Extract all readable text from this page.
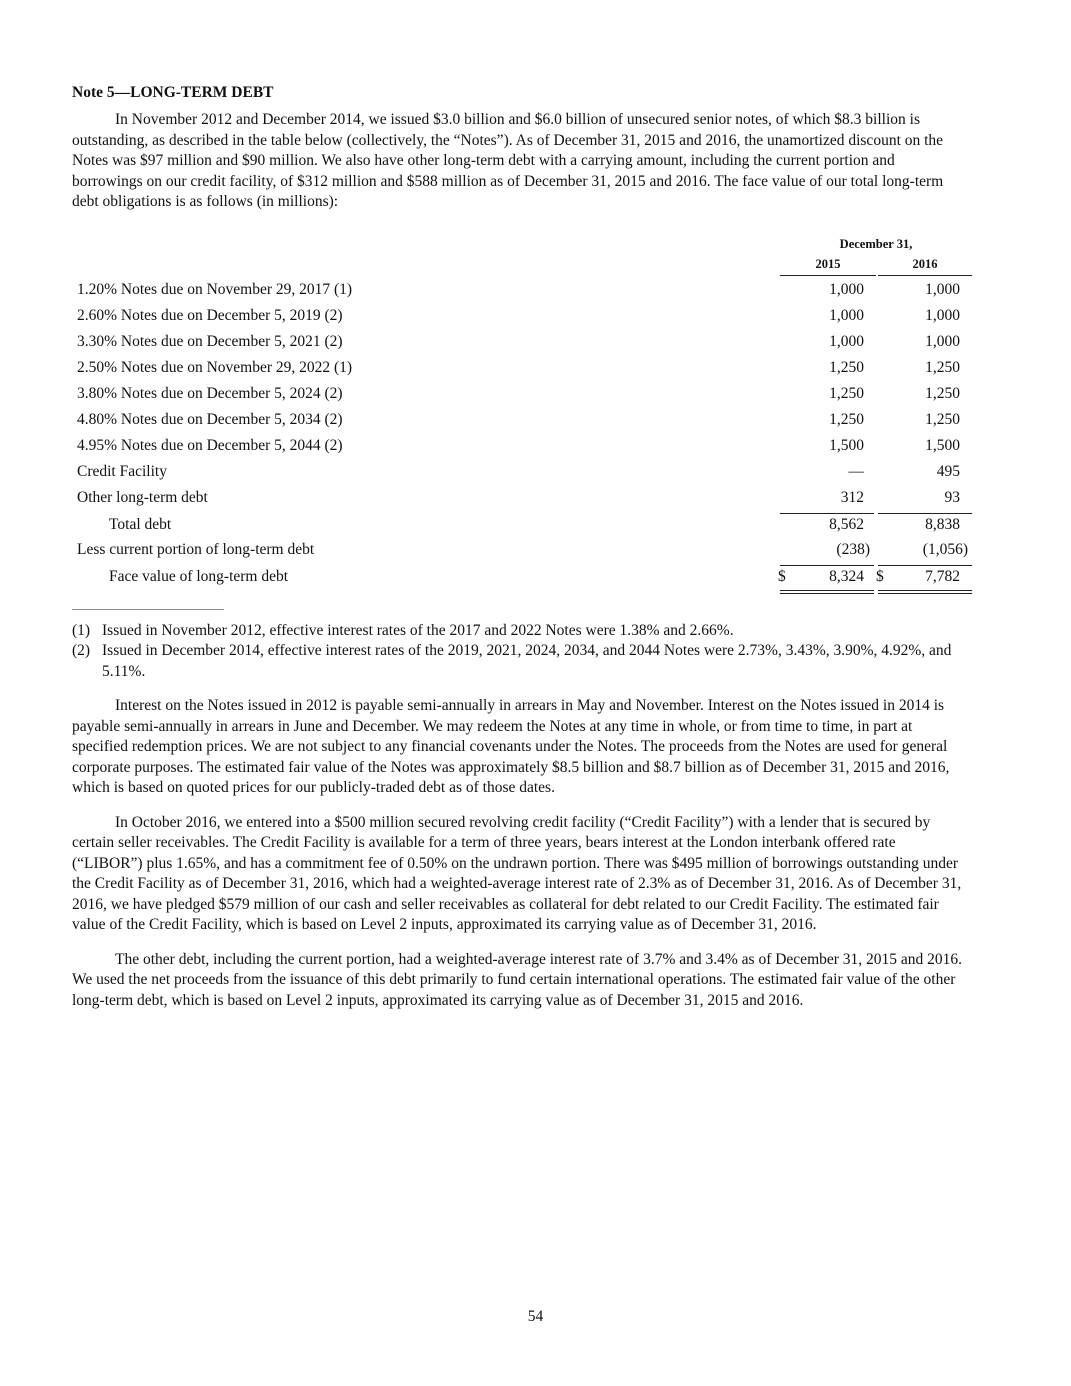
Note 5—LONG-TERM DEBT

In November 2012 and December 2014, we issued $3.0 billion and $6.0 billion of unsecured senior notes, of which $8.3 billion is outstanding, as described in the table below (collectively, the “Notes”). As of December 31, 2015 and 2016, the unamortized discount on the Notes was $97 million and $90 million. We also have other long-term debt with a carrying amount, including the current portion and borrowings on our credit facility, of $312 million and $588 million as of December 31, 2015 and 2016. The face value of our total long-term debt obligations is as follows (in millions):

December 31,
2015	2016
1.20% Notes due on November 29, 2017 (1)	1,000	1,000
2.60% Notes due on December 5, 2019 (2)	1,000	1,000
3.30% Notes due on December 5, 2021 (2)	1,000	1,000
2.50% Notes due on November 29, 2022 (1)	1,250	1,250
3.80% Notes due on December 5, 2024 (2)	1,250	1,250
4.80% Notes due on December 5, 2034 (2)	1,250	1,250
4.95% Notes due on December 5, 2044 (2)	1,500	1,500
Credit Facility	—	495
Other long-term debt	312	93
Total debt	8,562	8,838
Less current portion of long-term debt	(238)	(1,056)
Face value of long-term debt	$	8,324 $	7,782
(1) Issued in November 2012, effective interest rates of the 2017 and 2022 Notes were 1.38% and 2.66%.
(2) Issued in December 2014, effective interest rates of the 2019, 2021, 2024, 2034, and 2044 Notes were 2.73%, 3.43%, 3.90%, 4.92%, and 5.11%.

Interest on the Notes issued in 2012 is payable semi-annually in arrears in May and November. Interest on the Notes issued in 2014 is payable semi-annually in arrears in June and December. We may redeem the Notes at any time in whole, or from time to time, in part at specified redemption prices. We are not subject to any financial covenants under the Notes. The proceeds from the Notes are used for general corporate purposes. The estimated fair value of the Notes was approximately $8.5 billion and $8.7 billion as of December 31, 2015 and 2016, which is based on quoted prices for our publicly-traded debt as of those dates.

In October 2016, we entered into a $500 million secured revolving credit facility (“Credit Facility”) with a lender that is secured by certain seller receivables. The Credit Facility is available for a term of three years, bears interest at the London interbank offered rate (“LIBOR”) plus 1.65%, and has a commitment fee of 0.50% on the undrawn portion. There was $495 million of borrowings outstanding under the Credit Facility as of December 31, 2016, which had a weighted-average interest rate of 2.3% as of December 31, 2016. As of December 31, 2016, we have pledged $579 million of our cash and seller receivables as collateral for debt related to our Credit Facility. The estimated fair value of the Credit Facility, which is based on Level 2 inputs, approximated its carrying value as of December 31, 2016.

The other debt, including the current portion, had a weighted-average interest rate of 3.7% and 3.4% as of December 31, 2015 and 2016. We used the net proceeds from the issuance of this debt primarily to fund certain international operations. The estimated fair value of the other long-term debt, which is based on Level 2 inputs, approximated its carrying value as of December 31, 2015 and 2016.

54
